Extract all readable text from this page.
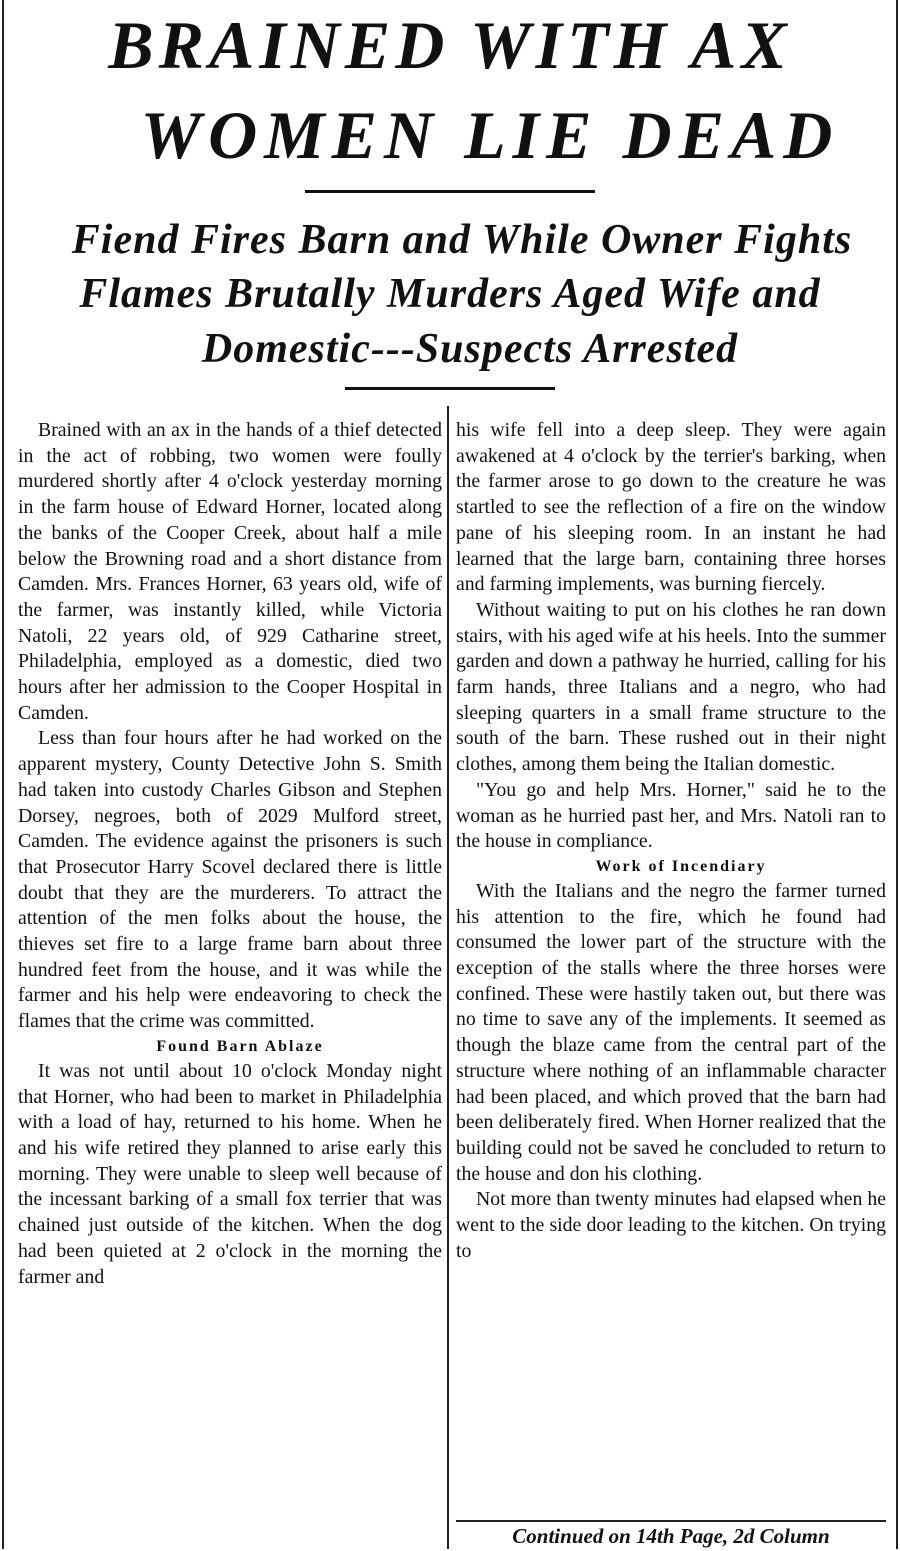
BRAINED WITH AX
WOMEN LIE DEAD
Fiend Fires Barn and While Owner Fights
Flames Brutally Murders Aged Wife and
Domestic---Suspects Arrested

Brained with an ax in the hands of a thief detected in the act of robbing, two women were foully murdered shortly after 4 o'clock yesterday morning in the farm house of Edward Horner, located along the banks of the Cooper Creek, about half a mile below the Browning road and a short distance from Camden. Mrs. Frances Horner, 63 years old, wife of the farmer, was instantly killed, while Victoria Natoli, 22 years old, of 929 Catharine street, Philadelphia, employed as a domestic, died two hours after her admission to the Cooper Hospital in Camden.

Less than four hours after he had worked on the apparent mystery, County Detective John S. Smith had taken into custody Charles Gibson and Stephen Dorsey, negroes, both of 2029 Mulford street, Camden. The evidence against the prisoners is such that Prosecutor Harry Scovel declared there is little doubt that they are the murderers. To attract the attention of the men folks about the house, the thieves set fire to a large frame barn about three hundred feet from the house, and it was while the farmer and his help were endeavoring to check the flames that the crime was committed.

Found Barn Ablaze

It was not until about 10 o'clock Monday night that Horner, who had been to market in Philadelphia with a load of hay, returned to his home. When he and his wife retired they planned to arise early this morning. They were unable to sleep well because of the incessant barking of a small fox terrier that was chained just outside of the kitchen. When the dog had been quieted at 2 o'clock in the morning the farmer and

his wife fell into a deep sleep. They were again awakened at 4 o'clock by the terrier's barking, when the farmer arose to go down to the creature he was startled to see the reflection of a fire on the window pane of his sleeping room. In an instant he had learned that the large barn, containing three horses and farming implements, was burning fiercely.

Without waiting to put on his clothes he ran down stairs, with his aged wife at his heels. Into the summer garden and down a pathway he hurried, calling for his farm hands, three Italians and a negro, who had sleeping quarters in a small frame structure to the south of the barn. These rushed out in their night clothes, among them being the Italian domestic.

"You go and help Mrs. Horner," said he to the woman as he hurried past her, and Mrs. Natoli ran to the house in compliance.

Work of Incendiary

With the Italians and the negro the farmer turned his attention to the fire, which he found had consumed the lower part of the structure with the exception of the stalls where the three horses were confined. These were hastily taken out, but there was no time to save any of the implements. It seemed as though the blaze came from the central part of the structure where nothing of an inflammable character had been placed, and which proved that the barn had been deliberately fired. When Horner realized that the building could not be saved he concluded to return to the house and don his clothing.

Not more than twenty minutes had elapsed when he went to the side door leading to the kitchen. On trying to

Continued on 14th Page, 2d Column
